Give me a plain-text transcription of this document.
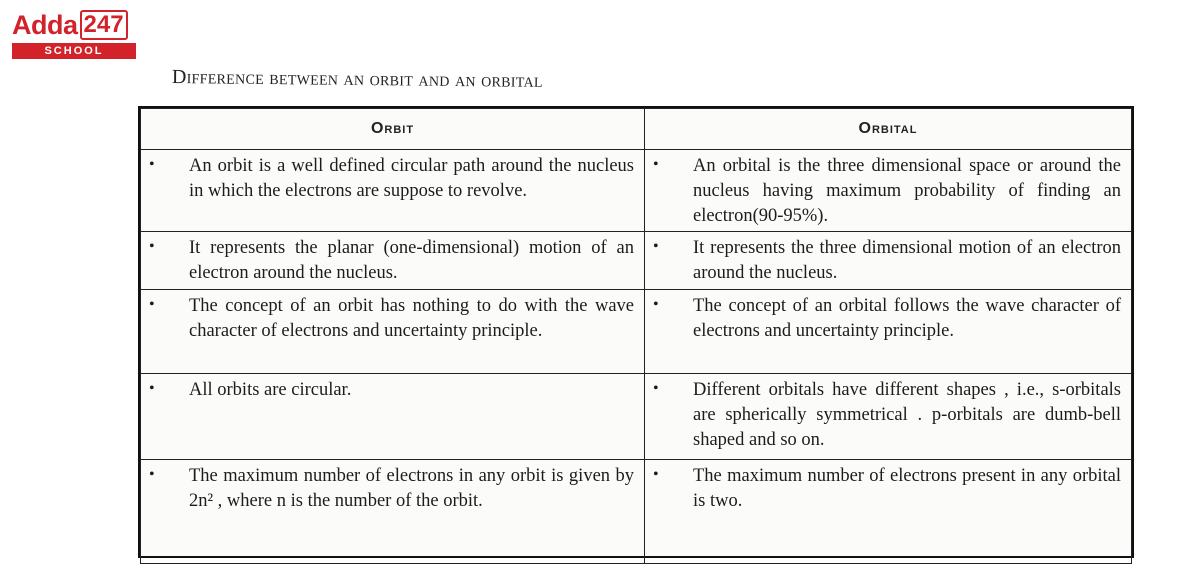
Adda 247
SCHOOL
Difference between an orbit and an orbital
Orbit	Orbital

• An orbit is a well defined circular path around the nucleus in which the electrons are suppose to revolve.	• An orbital is the three dimensional space or around the nucleus having maximum probability of finding an electron(90-95%).

• It represents the planar (one-dimensional) motion of an electron around the nucleus.	• It represents the three dimensional motion of an electron around the nucleus.

• The concept of an orbit has nothing to do with the wave character of electrons and uncertainty principle.	• The concept of an orbital follows the wave character of electrons and uncertainty principle.

• All orbits are circular.	• Different orbitals have different shapes , i.e., s-orbitals are spherically symmetrical . p-orbitals are dumb-bell shaped and so on.

• The maximum number of electrons in any orbit is given by 2n² , where n is the number of the orbit.	• The maximum number of electrons present in any orbital is two.
